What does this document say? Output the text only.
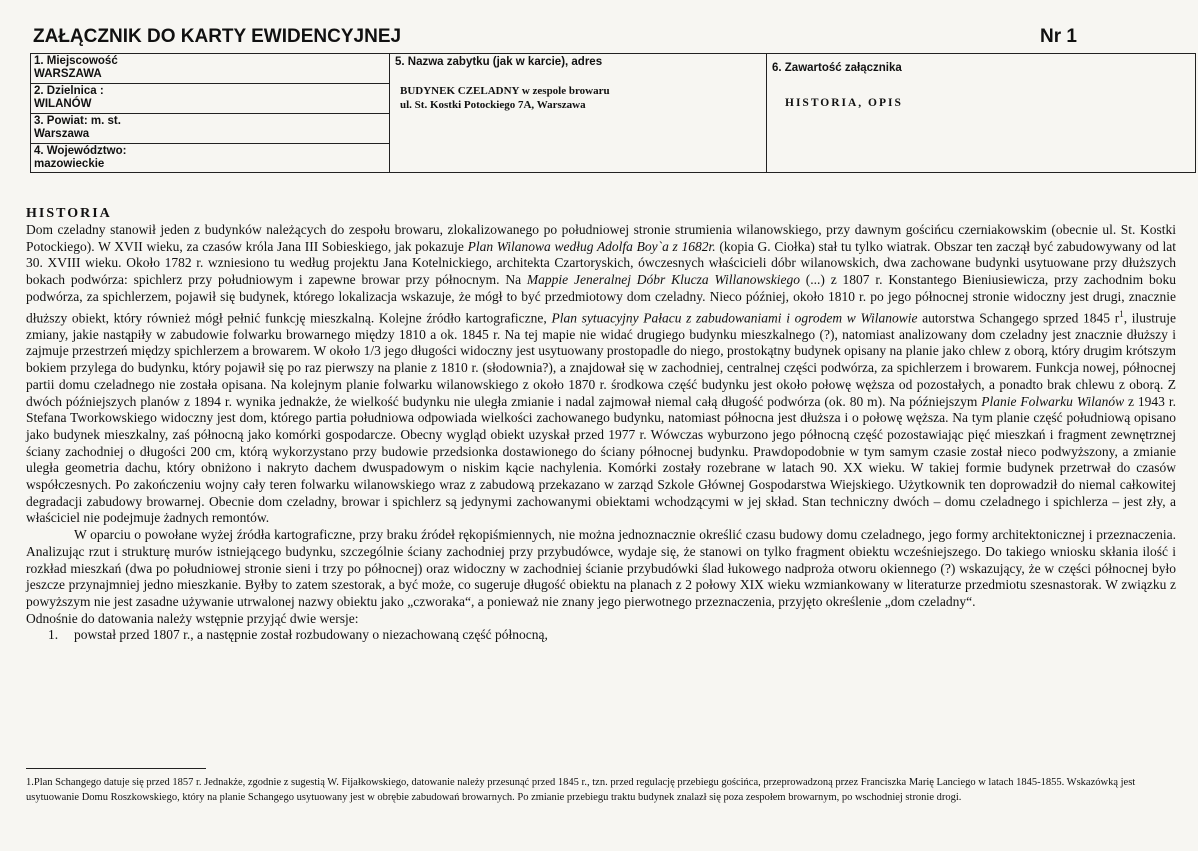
ZAŁĄCZNIK DO KARTY EWIDENCYJNEJ	Nr 1
1. Miejscowość
WARSZAWA
2. Dzielnica :
WILANÓW
3. Powiat: m. st.
Warszawa
4. Województwo:
mazowieckie
5. Nazwa zabytku (jak w karcie), adres
BUDYNEK CZELADNY w zespole browaru
ul. St. Kostki Potockiego 7A, Warszawa
6. Zawartość załącznika
HISTORIA, OPIS
HISTORIA

Dom czeladny stanowił jeden z budynków należących do zespołu browaru, zlokalizowanego po południowej stronie strumienia wilanowskiego, przy dawnym gościńcu czerniakowskim (obecnie ul. St. Kostki Potockiego). W XVII wieku, za czasów króla Jana III Sobieskiego, jak pokazuje Plan Wilanowa według Adolfa Boy`a z 1682r. (kopia G. Ciołka) stał tu tylko wiatrak. Obszar ten zaczął być zabudowywany od lat 30. XVIII wieku. Około 1782 r. wzniesiono tu według projektu Jana Kotelnickiego, architekta Czartoryskich, ówczesnych właścicieli dóbr wilanowskich, dwa zachowane budynki usytuowane przy dłuższych bokach podwórza: spichlerz przy południowym i zapewne browar przy północnym. Na Mappie Jeneralnej Dóbr Klucza Willanowskiego (...) z 1807 r. Konstantego Bieniusiewicza, przy zachodnim boku podwórza, za spichlerzem, pojawił się budynek, którego lokalizacja wskazuje, że mógł to być przedmiotowy dom czeladny. Nieco później, około 1810 r. po jego północnej stronie widoczny jest drugi, znacznie dłuższy obiekt, który również mógł pełnić funkcję mieszkalną. Kolejne źródło kartograficzne, Plan sytuacyjny Pałacu z zabudowaniami i ogrodem w Wilanowie autorstwa Schangego sprzed 1845 $r^1$, ilustruje zmiany, jakie nastąpiły w zabudowie folwarku browarnego między 1810 a ok. 1845 r. Na tej mapie nie widać drugiego budynku mieszkalnego (?), natomiast analizowany dom czeladny jest znacznie dłuższy i zajmuje przestrzeń między spichlerzem a browarem. W około 1/3 jego długości widoczny jest usytuowany prostopadle do niego, prostokątny budynek opisany na planie jako chlew z oborą, który drugim krótszym bokiem przylega do budynku, który pojawił się po raz pierwszy na planie z 1810 r. (słodownia?), a znajdował się w zachodniej, centralnej części podwórza, za spichlerzem i browarem. Funkcja nowej, północnej partii domu czeladnego nie została opisana. Na kolejnym planie folwarku wilanowskiego z około 1870 r. środkowa część budynku jest około połowę węższa od pozostałych, a ponadto brak chlewu z oborą. Z dwóch późniejszych planów z 1894 r. wynika jednakże, że wielkość budynku nie uległa zmianie i nadal zajmował niemal całą długość podwórza (ok. 80 m). Na późniejszym Planie Folwarku Wilanów z 1943 r. Stefana Tworkowskiego widoczny jest dom, którego partia południowa odpowiada wielkości zachowanego budynku, natomiast północna jest dłuższa i o połowę węższa. Na tym planie część południową opisano jako budynek mieszkalny, zaś północną jako komórki gospodarcze. Obecny wygląd obiekt uzyskał przed 1977 r. Wówczas wyburzono jego północną część pozostawiając pięć mieszkań i fragment zewnętrznej ściany zachodniej o długości 200 cm, którą wykorzystano przy budowie przedsionka dostawionego do ściany północnej budynku. Prawdopodobnie w tym samym czasie został nieco podwyższony, a zmianie uległa geometria dachu, który obniżono i nakryto dachem dwuspadowym o niskim kącie nachylenia. Komórki zostały rozebrane w latach 90. XX wieku. W takiej formie budynek przetrwał do czasów współczesnych. Po zakończeniu wojny cały teren folwarku wilanowskiego wraz z zabudową przekazano w zarząd Szkole Głównej Gospodarstwa Wiejskiego. Użytkownik ten doprowadził do niemal całkowitej degradacji zabudowy browarnej. Obecnie dom czeladny, browar i spichlerz są jedynymi zachowanymi obiektami wchodzącymi w jej skład. Stan techniczny dwóch – domu czeladnego i spichlerza – jest zły, a właściciel nie podejmuje żadnych remontów.

W oparciu o powołane wyżej źródła kartograficzne, przy braku źródeł rękopiśmiennych, nie można jednoznacznie określić czasu budowy domu czeladnego, jego formy architektonicznej i przeznaczenia. Analizując rzut i strukturę murów istniejącego budynku, szczególnie ściany zachodniej przy przybudówce, wydaje się, że stanowi on tylko fragment obiektu wcześniejszego. Do takiego wniosku skłania ilość i rozkład mieszkań (dwa po południowej stronie sieni i trzy po północnej) oraz widoczny w zachodniej ścianie przybudówki ślad łukowego nadproża otworu okiennego (?) wskazujący, że w części północnej było jeszcze przynajmniej jedno mieszkanie. Byłby to zatem szestorak, a być może, co sugeruje długość obiektu na planach z 2 połowy XIX wieku wzmiankowany w literaturze przedmiotu szesnastorak. W związku z powyższym nie jest zasadne używanie utrwalonej nazwy obiektu jako „czworaka“, a ponieważ nie znany jego pierwotnego przeznaczenia, przyjęto określenie „dom czeladny“.

Odnośnie do datowania należy wstępnie przyjąć dwie wersje:

1. powstał przed 1807 r., a następnie został rozbudowany o niezachowaną część północną,

1.Plan Schangego datuje się przed 1857 r. Jednakże, zgodnie z sugestią W. Fijałkowskiego, datowanie należy przesunąć przed 1845 r., tzn. przed regulację przebiegu gościńca, przeprowadzoną przez Franciszka Marię Lanciego w latach 1845-1855. Wskazówką jest usytuowanie Domu Roszkowskiego, który na planie Schangego usytuowany jest w obrębie zabudowań browarnych. Po zmianie przebiegu traktu budynek znalazł się poza zespołem browarnym, po wschodniej stronie drogi.
